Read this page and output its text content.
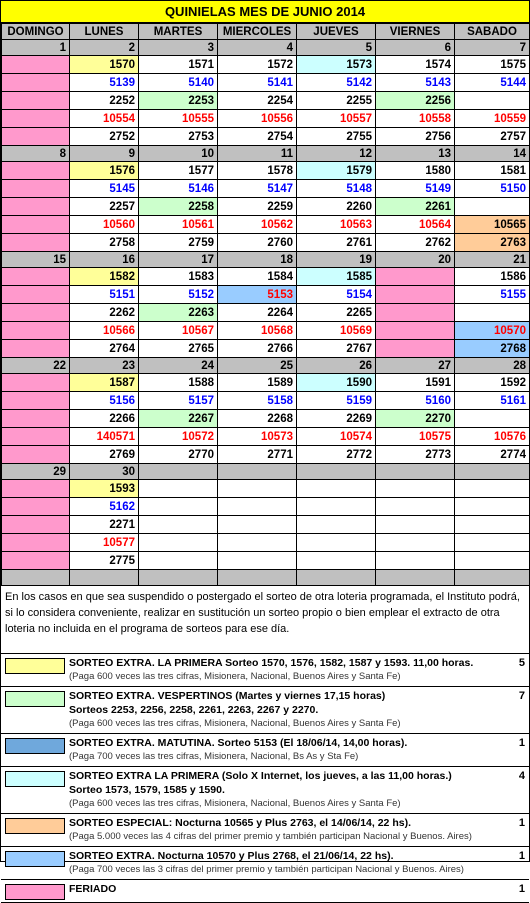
QUINIELAS MES DE JUNIO 2014
DOMINGO	LUNES	MARTES	MIERCOLES	JUEVES	VIERNES	SABADO
1	2	3	4	5	6	7
	1570	1571	1572	1573	1574	1575
	5139	5140	5141	5142	5143	5144
	2252	2253	2254	2255	2256	
	10554	10555	10556	10557	10558	10559
	2752	2753	2754	2755	2756	2757
8	9	10	11	12	13	14
	1576	1577	1578	1579	1580	1581
	5145	5146	5147	5148	5149	5150
	2257	2258	2259	2260	2261	
	10560	10561	10562	10563	10564	10565
	2758	2759	2760	2761	2762	2763
15	16	17	18	19	20	21
	1582	1583	1584	1585		1586
	5151	5152	5153	5154		5155
	2262	2263	2264	2265		
	10566	10567	10568	10569		10570
	2764	2765	2766	2767		2768
22	23	24	25	26	27	28
	1587	1588	1589	1590	1591	1592
	5156	5157	5158	5159	5160	5161
	2266	2267	2268	2269	2270	
	140571	10572	10573	10574	10575	10576
	2769	2770	2771	2772	2773	2774
29	30					
	1593					
	5162					
	2271					
	10577					
	2775					

En los casos en que sea suspendido o postergado el sorteo de otra loteria programada, el Instituto podrá, si lo considera conveniente, realizar en sustitución un sorteo propio o bien emplear el extracto de otra loteria no incluida en el programa de sorteos para ese día.
SORTEO EXTRA. LA PRIMERA Sorteo 1570, 1576, 1582, 1587 y 1593. 11,00 horas.
(Paga 600 veces las tres cifras, Misionera, Nacional, Buenos Aires y Santa Fe)
5
SORTEO EXTRA. VESPERTINOS (Martes y viernes 17,15 horas)
Sorteos 2253, 2256, 2258, 2261, 2263, 2267 y 2270.
(Paga 600 veces las tres cifras, Misionera, Nacional, Buenos Aires y Santa Fe)
7
SORTEO EXTRA. MATUTINA. Sorteo 5153 (El 18/06/14, 14,00 horas).
(Paga 700 veces las tres cifras, Misionera, Nacional, Bs As y Sta Fe)
1
SORTEO EXTRA LA PRIMERA (Solo X Internet, los jueves, a las 11,00 horas.)
Sorteo 1573, 1579, 1585 y 1590.
(Paga 600 veces las tres cifras, Misionera, Nacional, Buenos Aires y Santa Fe)
4
SORTEO ESPECIAL: Nocturna 10565 y Plus 2763, el 14/06/14, 22 hs).
(Paga 5.000 veces las 4 cifras del primer premio y también participan Nacional y Buenos. Aires)
1
SORTEO EXTRA. Nocturna 10570 y Plus 2768, el 21/06/14, 22 hs).
(Paga 700 veces las 3 cifras del primer premio y también participan Nacional y Buenos. Aires)
1
FERIADO	1
